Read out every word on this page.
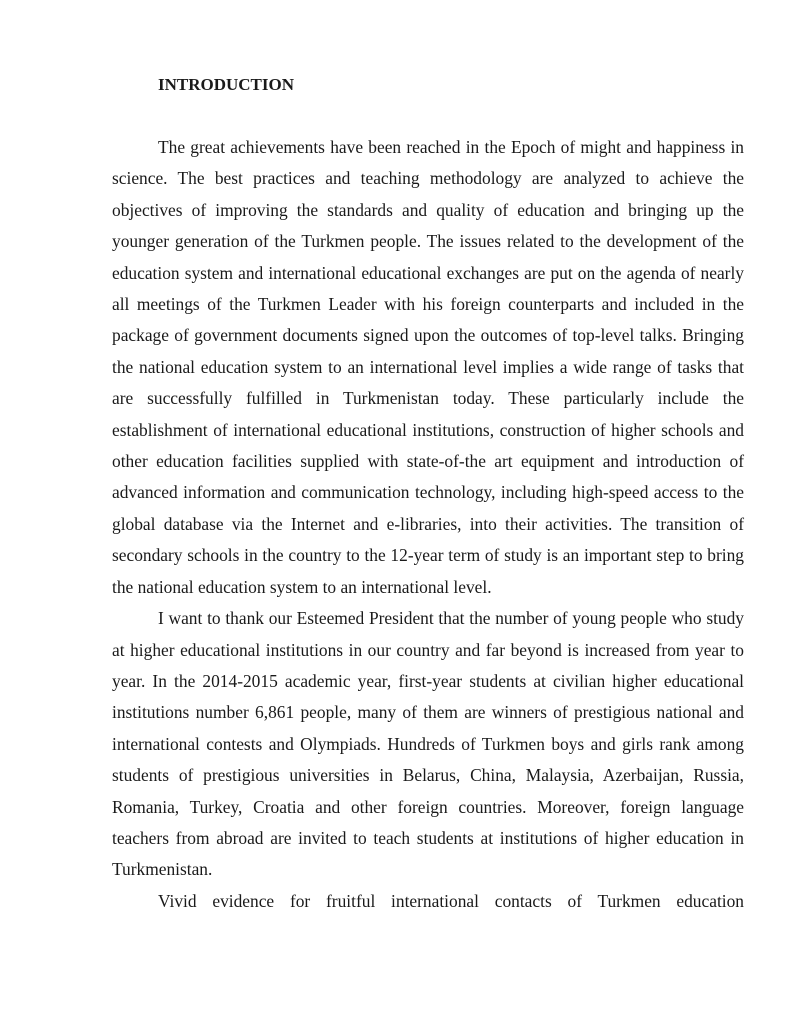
INTRODUCTION

The great achievements have been reached in the Epoch of might and happiness in science. The best practices and teaching methodology are analyzed to achieve the objectives of improving the standards and quality of education and bringing up the younger generation of the Turkmen people. The issues related to the development of the education system and international educational exchanges are put on the agenda of nearly all meetings of the Turkmen Leader with his foreign counterparts and included in the package of government documents signed upon the outcomes of top-level talks. Bringing the national education system to an international level implies a wide range of tasks that are successfully fulfilled in Turkmenistan today. These particularly include the establishment of international educational institutions, construction of higher schools and other education facilities supplied with state-of-the art equipment and introduction of advanced information and communication technology, including high-speed access to the global database via the Internet and e-libraries, into their activities. The transition of secondary schools in the country to the 12-year term of study is an important step to bring the national education system to an international level.

I want to thank our Esteemed President that the number of young people who study at higher educational institutions in our country and far beyond is increased from year to year. In the 2014-2015 academic year, first-year students at civilian higher educational institutions number 6,861 people, many of them are winners of prestigious national and international contests and Olympiads. Hundreds of Turkmen boys and girls rank among students of prestigious universities in Belarus, China, Malaysia, Azerbaijan, Russia, Romania, Turkey, Croatia and other foreign countries. Moreover, foreign language teachers from abroad are invited to teach students at institutions of higher education in Turkmenistan.

Vivid evidence for fruitful international contacts of Turkmen education
